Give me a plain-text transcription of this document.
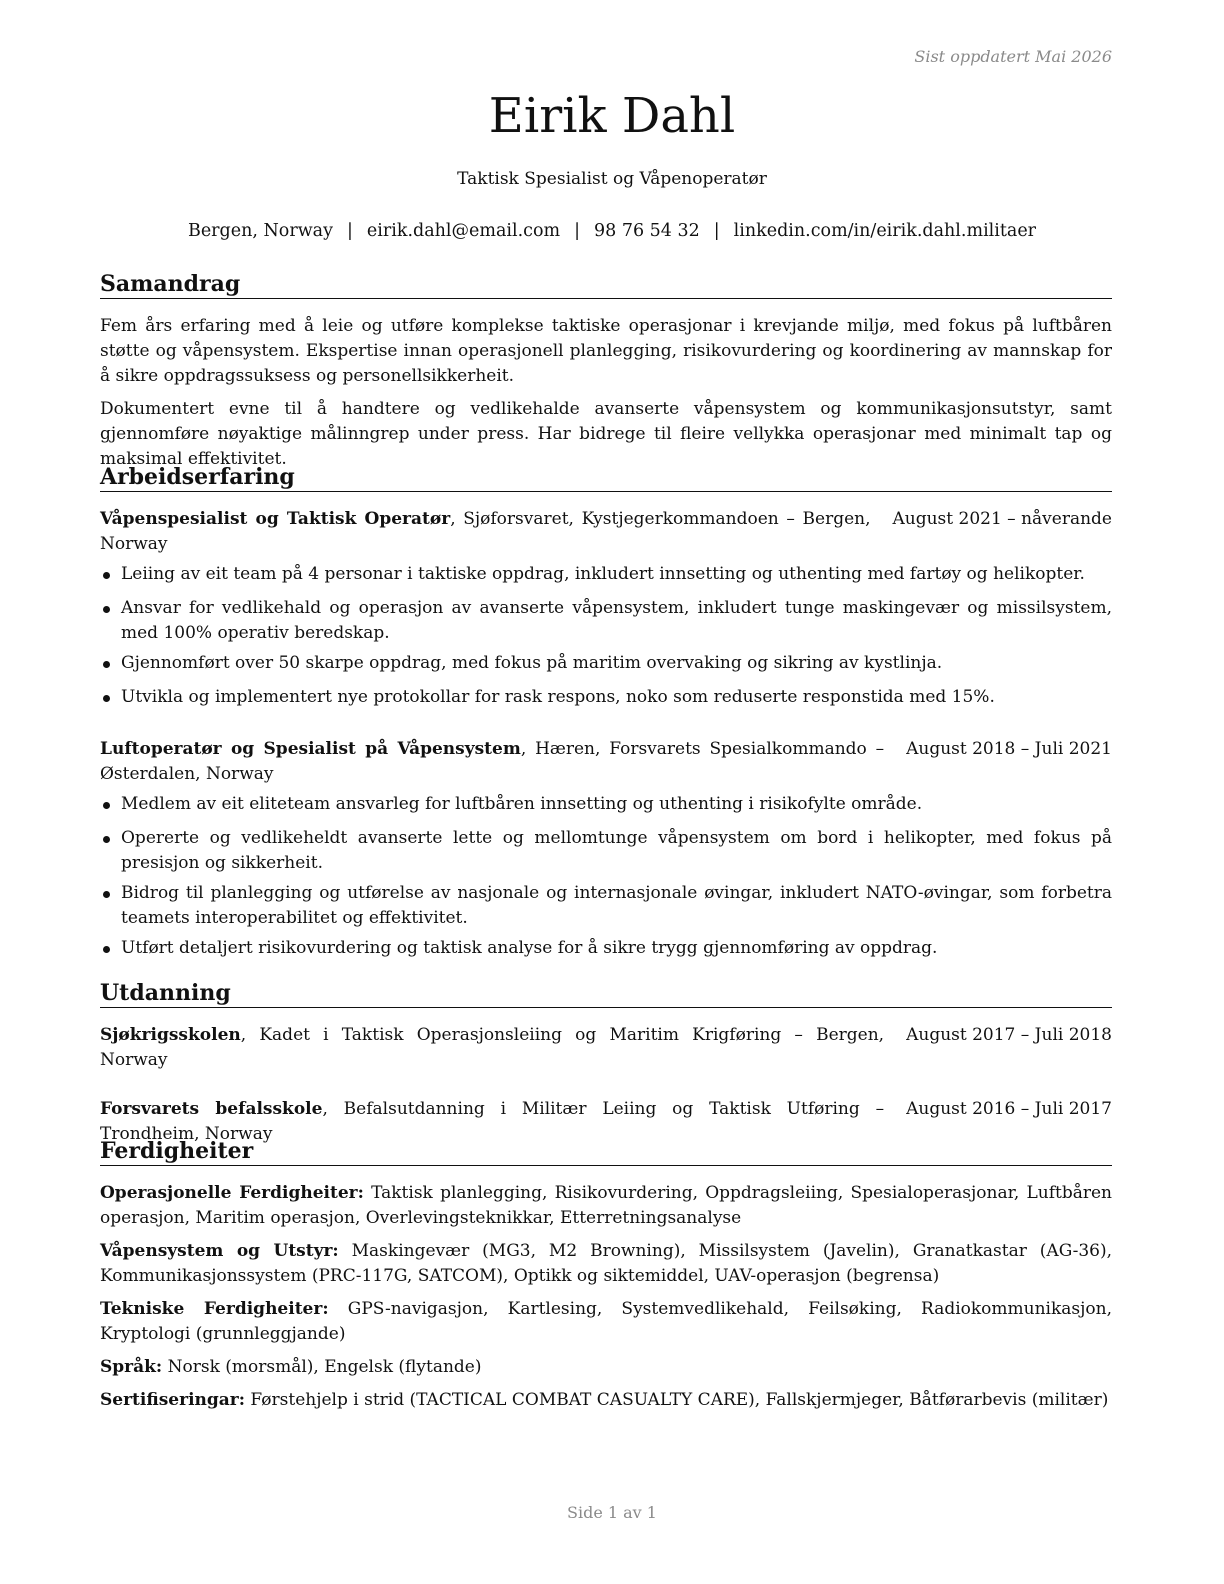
Sist oppdatert Mai 2026
Eirik Dahl
Taktisk Spesialist og Våpenoperatør
Bergen, Norway | eirik.dahl@email.com | 98 76 54 32 | linkedin.com/in/eirik.dahl.militaer
Samandrag

Fem års erfaring med å leie og utføre komplekse taktiske operasjonar i krevjande miljø, med fokus på luftbåren støtte og våpensystem. Ekspertise innan operasjonell planlegging, risikovurdering og koordinering av mannskap for å sikre oppdragssuksess og personellsikkerheit.

Dokumentert evne til å handtere og vedlikehalde avanserte våpensystem og kommunikasjonsutstyr, samt gjennomføre nøyaktige målinngrep under press. Har bidrege til fleire vellykka operasjonar med minimalt tap og maksimal effektivitet.

Arbeidserfaring
Våpenspesialist og Taktisk Operatør, Sjøforsvaret, Kystjegerkommandoen – Bergen, Norway
August 2021 – nåverande
Leiing av eit team på 4 personar i taktiske oppdrag, inkludert innsetting og uthenting med fartøy og helikopter.
Ansvar for vedlikehald og operasjon av avanserte våpensystem, inkludert tunge maskingevær og missilsystem, med 100% operativ beredskap.
Gjennomført over 50 skarpe oppdrag, med fokus på maritim overvaking og sikring av kystlinja.
Utvikla og implementert nye protokollar for rask respons, noko som reduserte responstida med 15%.
Luftoperatør og Spesialist på Våpensystem, Hæren, Forsvarets Spesialkommando – Østerdalen, Norway
August 2018 – Juli 2021
Medlem av eit eliteteam ansvarleg for luftbåren innsetting og uthenting i risikofylte område.
Opererte og vedlikeheldt avanserte lette og mellomtunge våpensystem om bord i helikopter, med fokus på presisjon og sikkerheit.
Bidrog til planlegging og utførelse av nasjonale og internasjonale øvingar, inkludert NATO-øvingar, som forbetra teamets interoperabilitet og effektivitet.
Utført detaljert risikovurdering og taktisk analyse for å sikre trygg gjennomføring av oppdrag.
Utdanning
Sjøkrigsskolen, Kadet i Taktisk Operasjonsleiing og Maritim Krigføring – Bergen, Norway
August 2017 – Juli 2018
Forsvarets befalsskole, Befalsutdanning i Militær Leiing og Taktisk Utføring – Trondheim, Norway
August 2016 – Juli 2017
Ferdigheiter

Operasjonelle Ferdigheiter: Taktisk planlegging, Risikovurdering, Oppdragsleiing, Spesialoperasjonar, Luftbåren operasjon, Maritim operasjon, Overlevingsteknikkar, Etterretningsanalyse

Våpensystem og Utstyr: Maskingevær (MG3, M2 Browning), Missilsystem (Javelin), Granatkastar (AG-36), Kommunikasjonssystem (PRC-117G, SATCOM), Optikk og siktemiddel, UAV-operasjon (begrensa)

Tekniske Ferdigheiter: GPS-navigasjon, Kartlesing, Systemvedlikehald, Feilsøking, Radiokommunikasjon, Kryptologi (grunnleggjande)

Språk: Norsk (morsmål), Engelsk (flytande)

Sertifiseringar: Førstehjelp i strid (TACTICAL COMBAT CASUALTY CARE), Fallskjermjeger, Båtførarbevis (militær)

Side 1 av 1
